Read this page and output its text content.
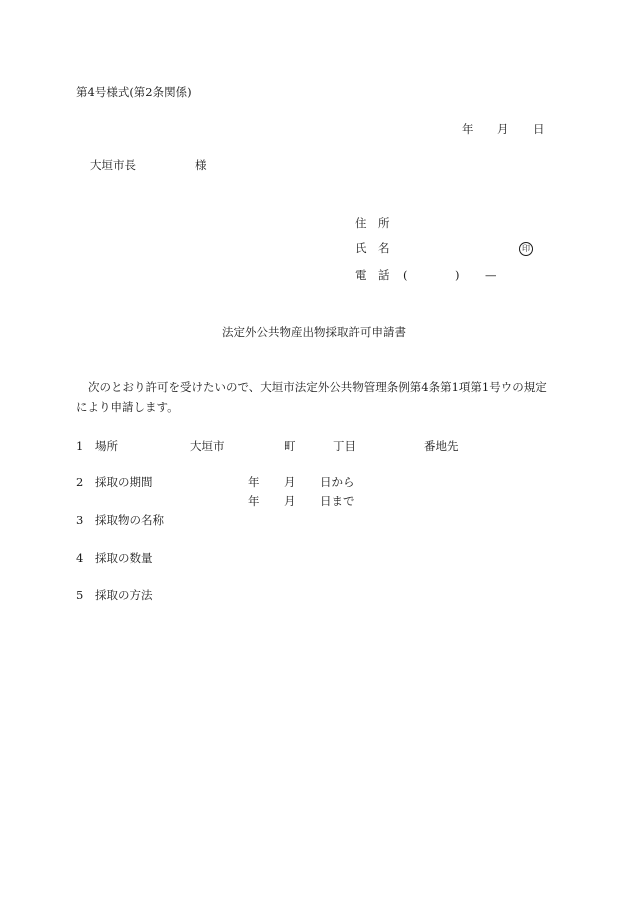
第4号様式(第2条関係)
年 月 日
大垣市長	様
住　所
氏　名	印
電　話 (	) —
法定外公共物産出物採取許可申請書
次のとおり許可を受けたいので、大垣市法定外公共物管理条例第4条第1項第1号ウの規定
により申請します。
1 場所	大垣市	町	丁目	番地先
2 採取の期間	年 月 日から
年 月 日まで
3 採取物の名称
4 採取の数量
5 採取の方法
